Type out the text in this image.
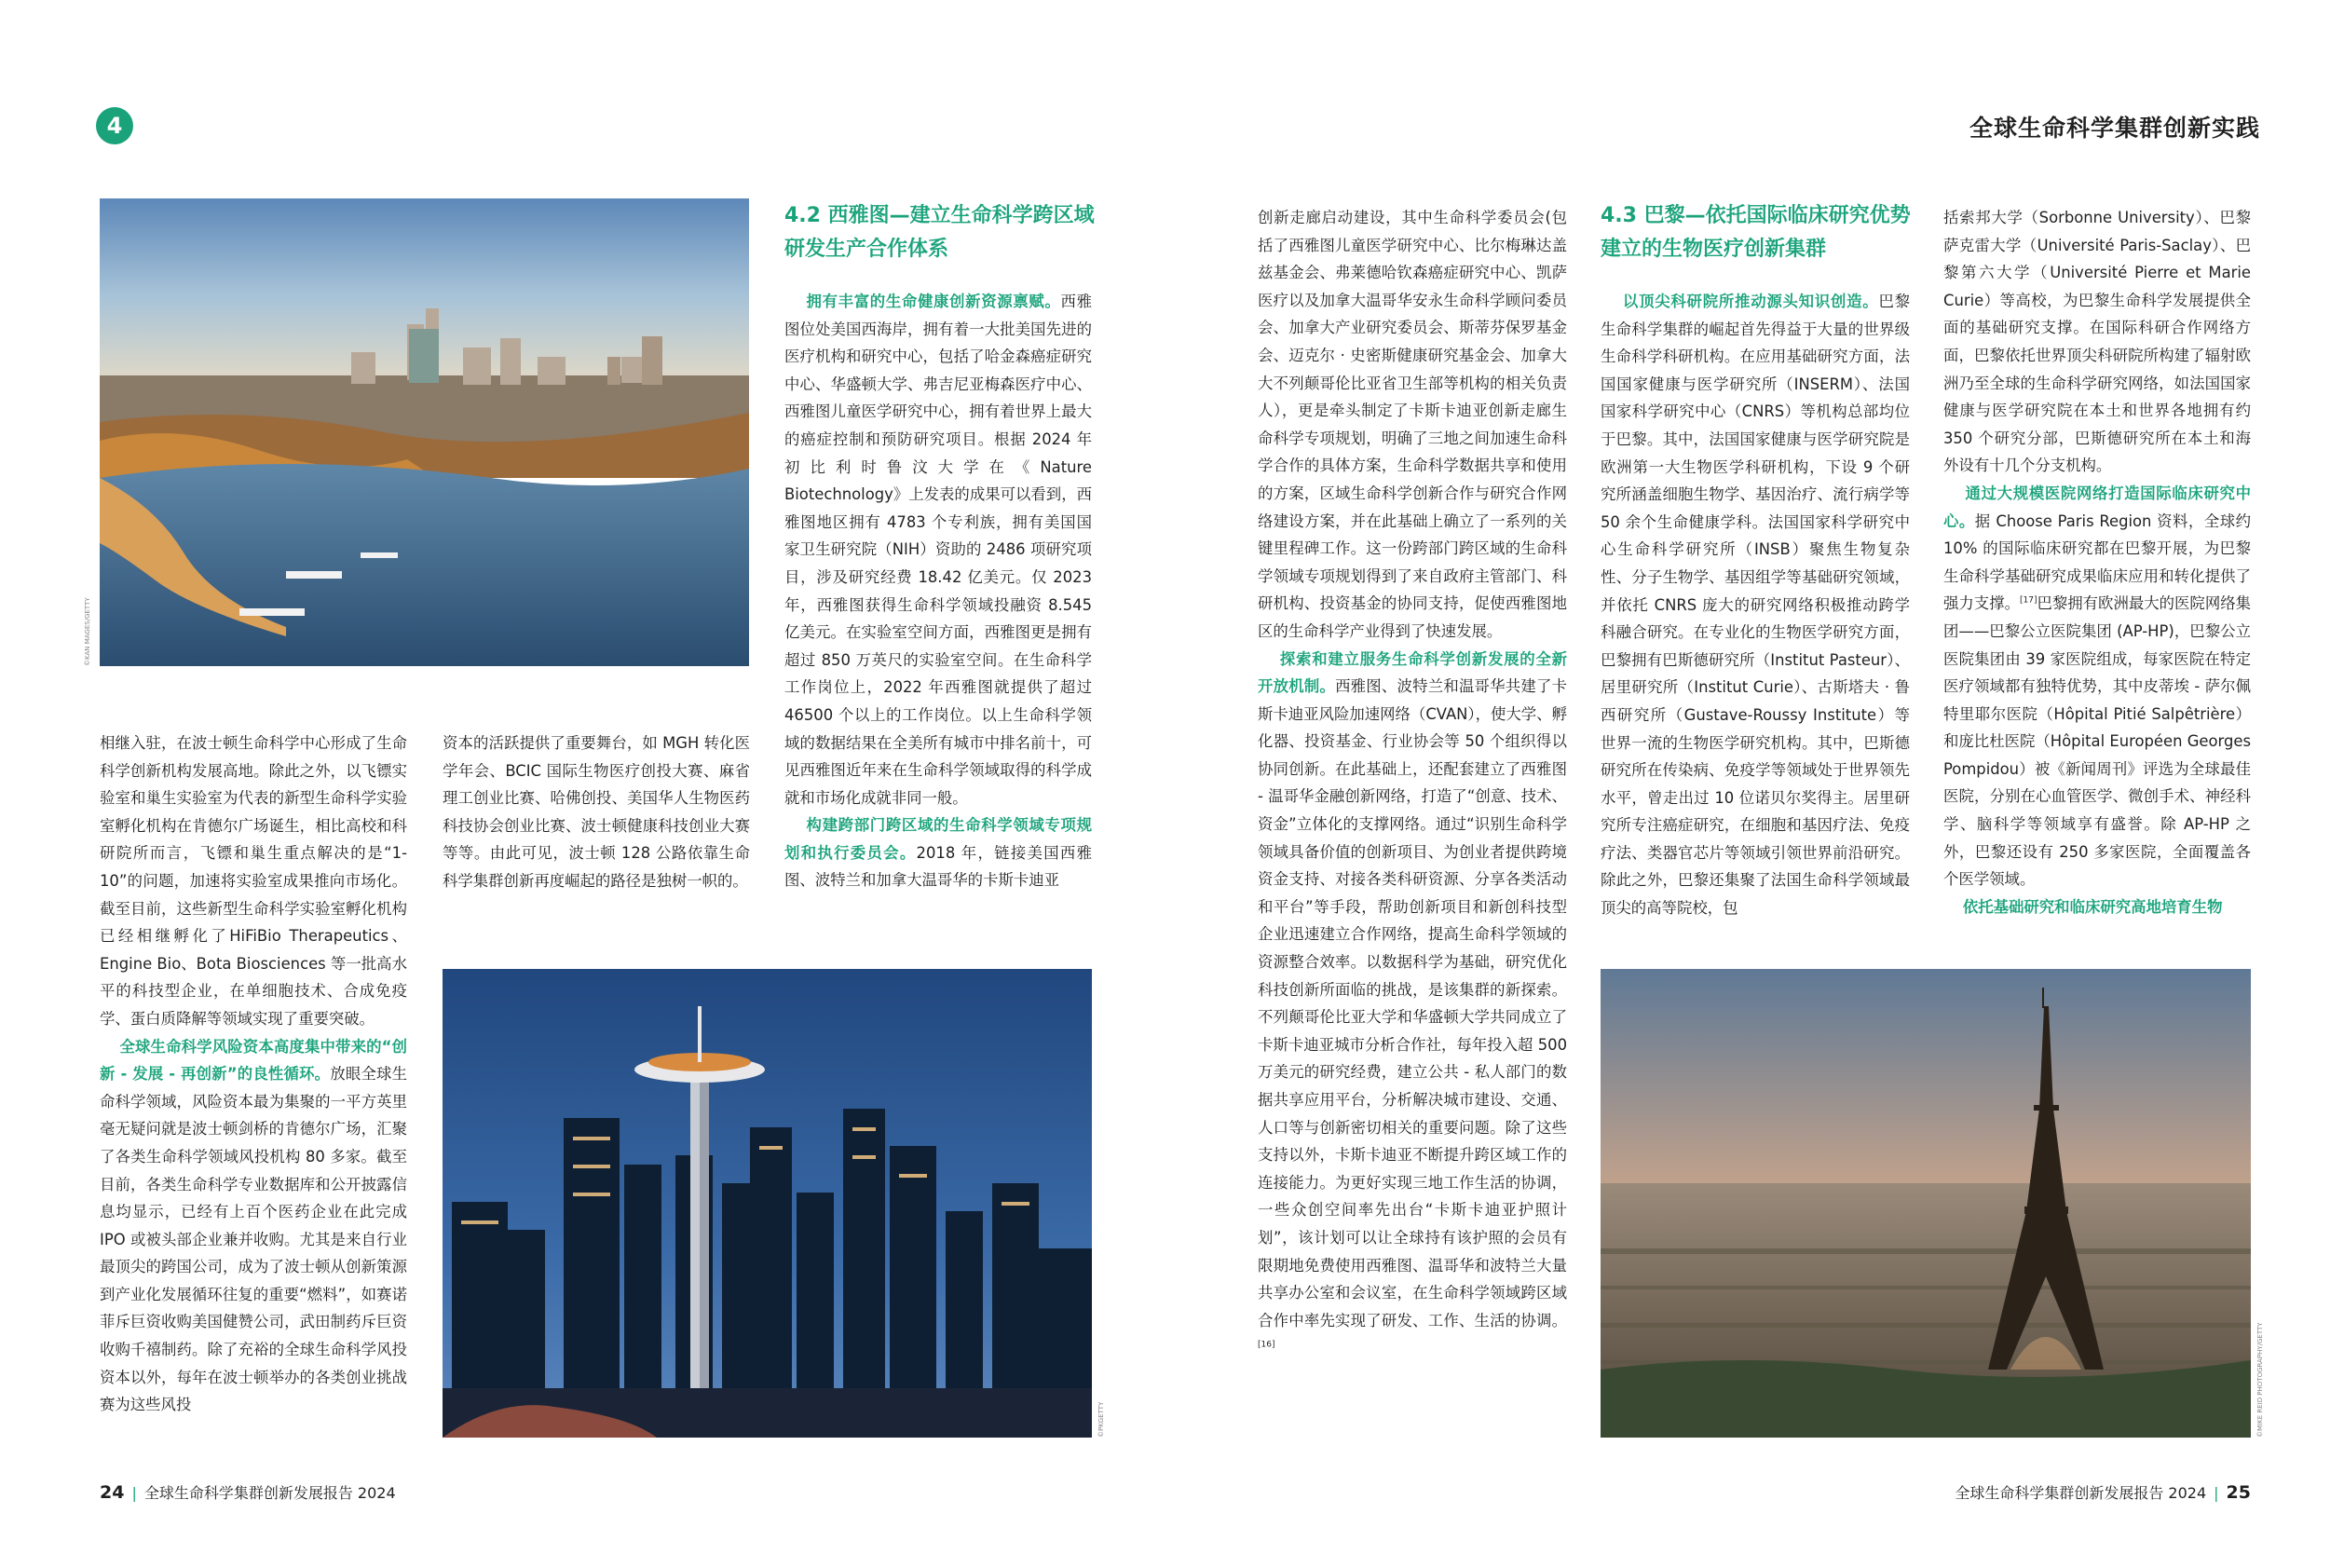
4	全球生命科学集群创新实践
©KAN MAGES/GETTY
4.2 西雅图—建立生命科学跨区域
研发生产合作体系

拥有丰富的生命健康创新资源禀赋。西雅图位处美国西海岸，拥有着一大批美国先进的医疗机构和研究中心，包括了哈金森癌症研究中心、华盛顿大学、弗吉尼亚梅森医疗中心、西雅图儿童医学研究中心，拥有着世界上最大的癌症控制和预防研究项目。根据 2024 年初比利时鲁汶大学在《Nature Biotechnology》上发表的成果可以看到，西雅图地区拥有 4783 个专利族，拥有美国国家卫生研究院（NIH）资助的 2486 项研究项目，涉及研究经费 18.42 亿美元。仅 2023 年，西雅图获得生命科学领域投融资 8.545 亿美元。在实验室空间方面，西雅图更是拥有超过 850 万英尺的实验室空间。在生命科学工作岗位上，2022 年西雅图就提供了超过 46500 个以上的工作岗位。以上生命科学领域的数据结果在全美所有城市中排名前十，可见西雅图近年来在生命科学领域取得的科学成就和市场化成就非同一般。

构建跨部门跨区域的生命科学领域专项规划和执行委员会。2018 年，链接美国西雅图、波特兰和加拿大温哥华的卡斯卡迪亚

相继入驻，在波士顿生命科学中心形成了生命科学创新机构发展高地。除此之外，以飞镖实验室和巢生实验室为代表的新型生命科学实验室孵化机构在肯德尔广场诞生，相比高校和科研院所而言，飞镖和巢生重点解决的是“1-10”的问题，加速将实验室成果推向市场化。截至目前，这些新型生命科学实验室孵化机构已经相继孵化了HiFiBio Therapeutics、Engine Bio、Bota Biosciences 等一批高水平的科技型企业，在单细胞技术、合成免疫学、蛋白质降解等领域实现了重要突破。

全球生命科学风险资本高度集中带来的“创新 - 发展 - 再创新”的良性循环。放眼全球生命科学领域，风险资本最为集聚的一平方英里毫无疑问就是波士顿剑桥的肯德尔广场，汇聚了各类生命科学领域风投机构 80 多家。截至目前，各类生命科学专业数据库和公开披露信息均显示，已经有上百个医药企业在此完成 IPO 或被头部企业兼并收购。尤其是来自行业最顶尖的跨国公司，成为了波士顿从创新策源到产业化发展循环往复的重要“燃料”，如赛诺菲斥巨资收购美国健赞公司，武田制药斥巨资收购千禧制药。除了充裕的全球生命科学风投资本以外，每年在波士顿举办的各类创业挑战赛为这些风投

资本的活跃提供了重要舞台，如 MGH 转化医学年会、BCIC 国际生物医疗创投大赛、麻省理工创业比赛、哈佛创投、美国华人生物医药科技协会创业比赛、波士顿健康科技创业大赛等等。由此可见，波士顿 128 公路依靠生命科学集群创新再度崛起的路径是独树一帜的。

©PKGETTY

创新走廊启动建设，其中生命科学委员会(包括了西雅图儿童医学研究中心、比尔梅琳达盖兹基金会、弗莱德哈钦森癌症研究中心、凯萨医疗以及加拿大温哥华安永生命科学顾问委员会、加拿大产业研究委员会、斯蒂芬保罗基金会、迈克尔 · 史密斯健康研究基金会、加拿大大不列颠哥伦比亚省卫生部等机构的相关负责人），更是牵头制定了卡斯卡迪亚创新走廊生命科学专项规划，明确了三地之间加速生命科学合作的具体方案，生命科学数据共享和使用的方案，区域生命科学创新合作与研究合作网络建设方案，并在此基础上确立了一系列的关键里程碑工作。这一份跨部门跨区域的生命科学领域专项规划得到了来自政府主管部门、科研机构、投资基金的协同支持，促使西雅图地区的生命科学产业得到了快速发展。

探索和建立服务生命科学创新发展的全新开放机制。西雅图、波特兰和温哥华共建了卡斯卡迪亚风险加速网络（CVAN），使大学、孵化器、投资基金、行业协会等 50 个组织得以协同创新。在此基础上，还配套建立了西雅图 - 温哥华金融创新网络，打造了“创意、技术、资金”立体化的支撑网络。通过“识别生命科学领域具备价值的创新项目、为创业者提供跨境资金支持、对接各类科研资源、分享各类活动和平台”等手段，帮助创新项目和新创科技型企业迅速建立合作网络，提高生命科学领域的资源整合效率。以数据科学为基础，研究优化科技创新所面临的挑战，是该集群的新探索。不列颠哥伦比亚大学和华盛顿大学共同成立了卡斯卡迪亚城市分析合作社，每年投入超 500 万美元的研究经费，建立公共 - 私人部门的数据共享应用平台，分析解决城市建设、交通、人口等与创新密切相关的重要问题。除了这些支持以外，卡斯卡迪亚不断提升跨区域工作的连接能力。为更好实现三地工作生活的协调，一些众创空间率先出台“卡斯卡迪亚护照计划”，该计划可以让全球持有该护照的会员有限期地免费使用西雅图、温哥华和波特兰大量共享办公室和会议室，在生命科学领域跨区域合作中率先实现了研发、工作、生活的协调。[16]

4.3 巴黎—依托国际临床研究优势
建立的生物医疗创新集群

以顶尖科研院所推动源头知识创造。巴黎生命科学集群的崛起首先得益于大量的世界级生命科学科研机构。在应用基础研究方面，法国国家健康与医学研究所（INSERM）、法国国家科学研究中心（CNRS）等机构总部均位于巴黎。其中，法国国家健康与医学研究院是欧洲第一大生物医学科研机构，下设 9 个研究所涵盖细胞生物学、基因治疗、流行病学等 50 余个生命健康学科。法国国家科学研究中心生命科学研究所（INSB）聚焦生物复杂性、分子生物学、基因组学等基础研究领域，并依托 CNRS 庞大的研究网络积极推动跨学科融合研究。在专业化的生物医学研究方面，巴黎拥有巴斯德研究所（Institut Pasteur）、居里研究所（Institut Curie）、古斯塔夫 · 鲁西研究所（Gustave-Roussy Institute）等世界一流的生物医学研究机构。其中，巴斯德研究所在传染病、免疫学等领域处于世界领先水平，曾走出过 10 位诺贝尔奖得主。居里研究所专注癌症研究，在细胞和基因疗法、免疫疗法、类器官芯片等领域引领世界前沿研究。除此之外，巴黎还集聚了法国生命科学领域最顶尖的高等院校，包

括索邦大学（Sorbonne University）、巴黎萨克雷大学（Université Paris-Saclay）、巴黎第六大学（Université Pierre et Marie Curie）等高校，为巴黎生命科学发展提供全面的基础研究支撑。在国际科研合作网络方面，巴黎依托世界顶尖科研院所构建了辐射欧洲乃至全球的生命科学研究网络，如法国国家健康与医学研究院在本土和世界各地拥有约 350 个研究分部，巴斯德研究所在本土和海外设有十几个分支机构。

通过大规模医院网络打造国际临床研究中心。据 Choose Paris Region 资料，全球约 10% 的国际临床研究都在巴黎开展，为巴黎生命科学基础研究成果临床应用和转化提供了强力支撑。[17]巴黎拥有欧洲最大的医院网络集团——巴黎公立医院集团 (AP-HP)，巴黎公立医院集团由 39 家医院组成，每家医院在特定医疗领域都有独特优势，其中皮蒂埃 - 萨尔佩特里耶尔医院（Hôpital Pitié Salpêtrière）和庞比杜医院（Hôpital Européen Georges Pompidou）被《新闻周刊》评选为全球最佳医院，分别在心血管医学、微创手术、神经科学、脑科学等领域享有盛誉。除 AP-HP 之外，巴黎还设有 250 多家医院，全面覆盖各个医学领域。

依托基础研究和临床研究高地培育生物

©MIKE REID PHOTOGRAPHY/GETTY
24 | 全球生命科学集群创新发展报告 2024	全球生命科学集群创新发展报告 2024 | 25
